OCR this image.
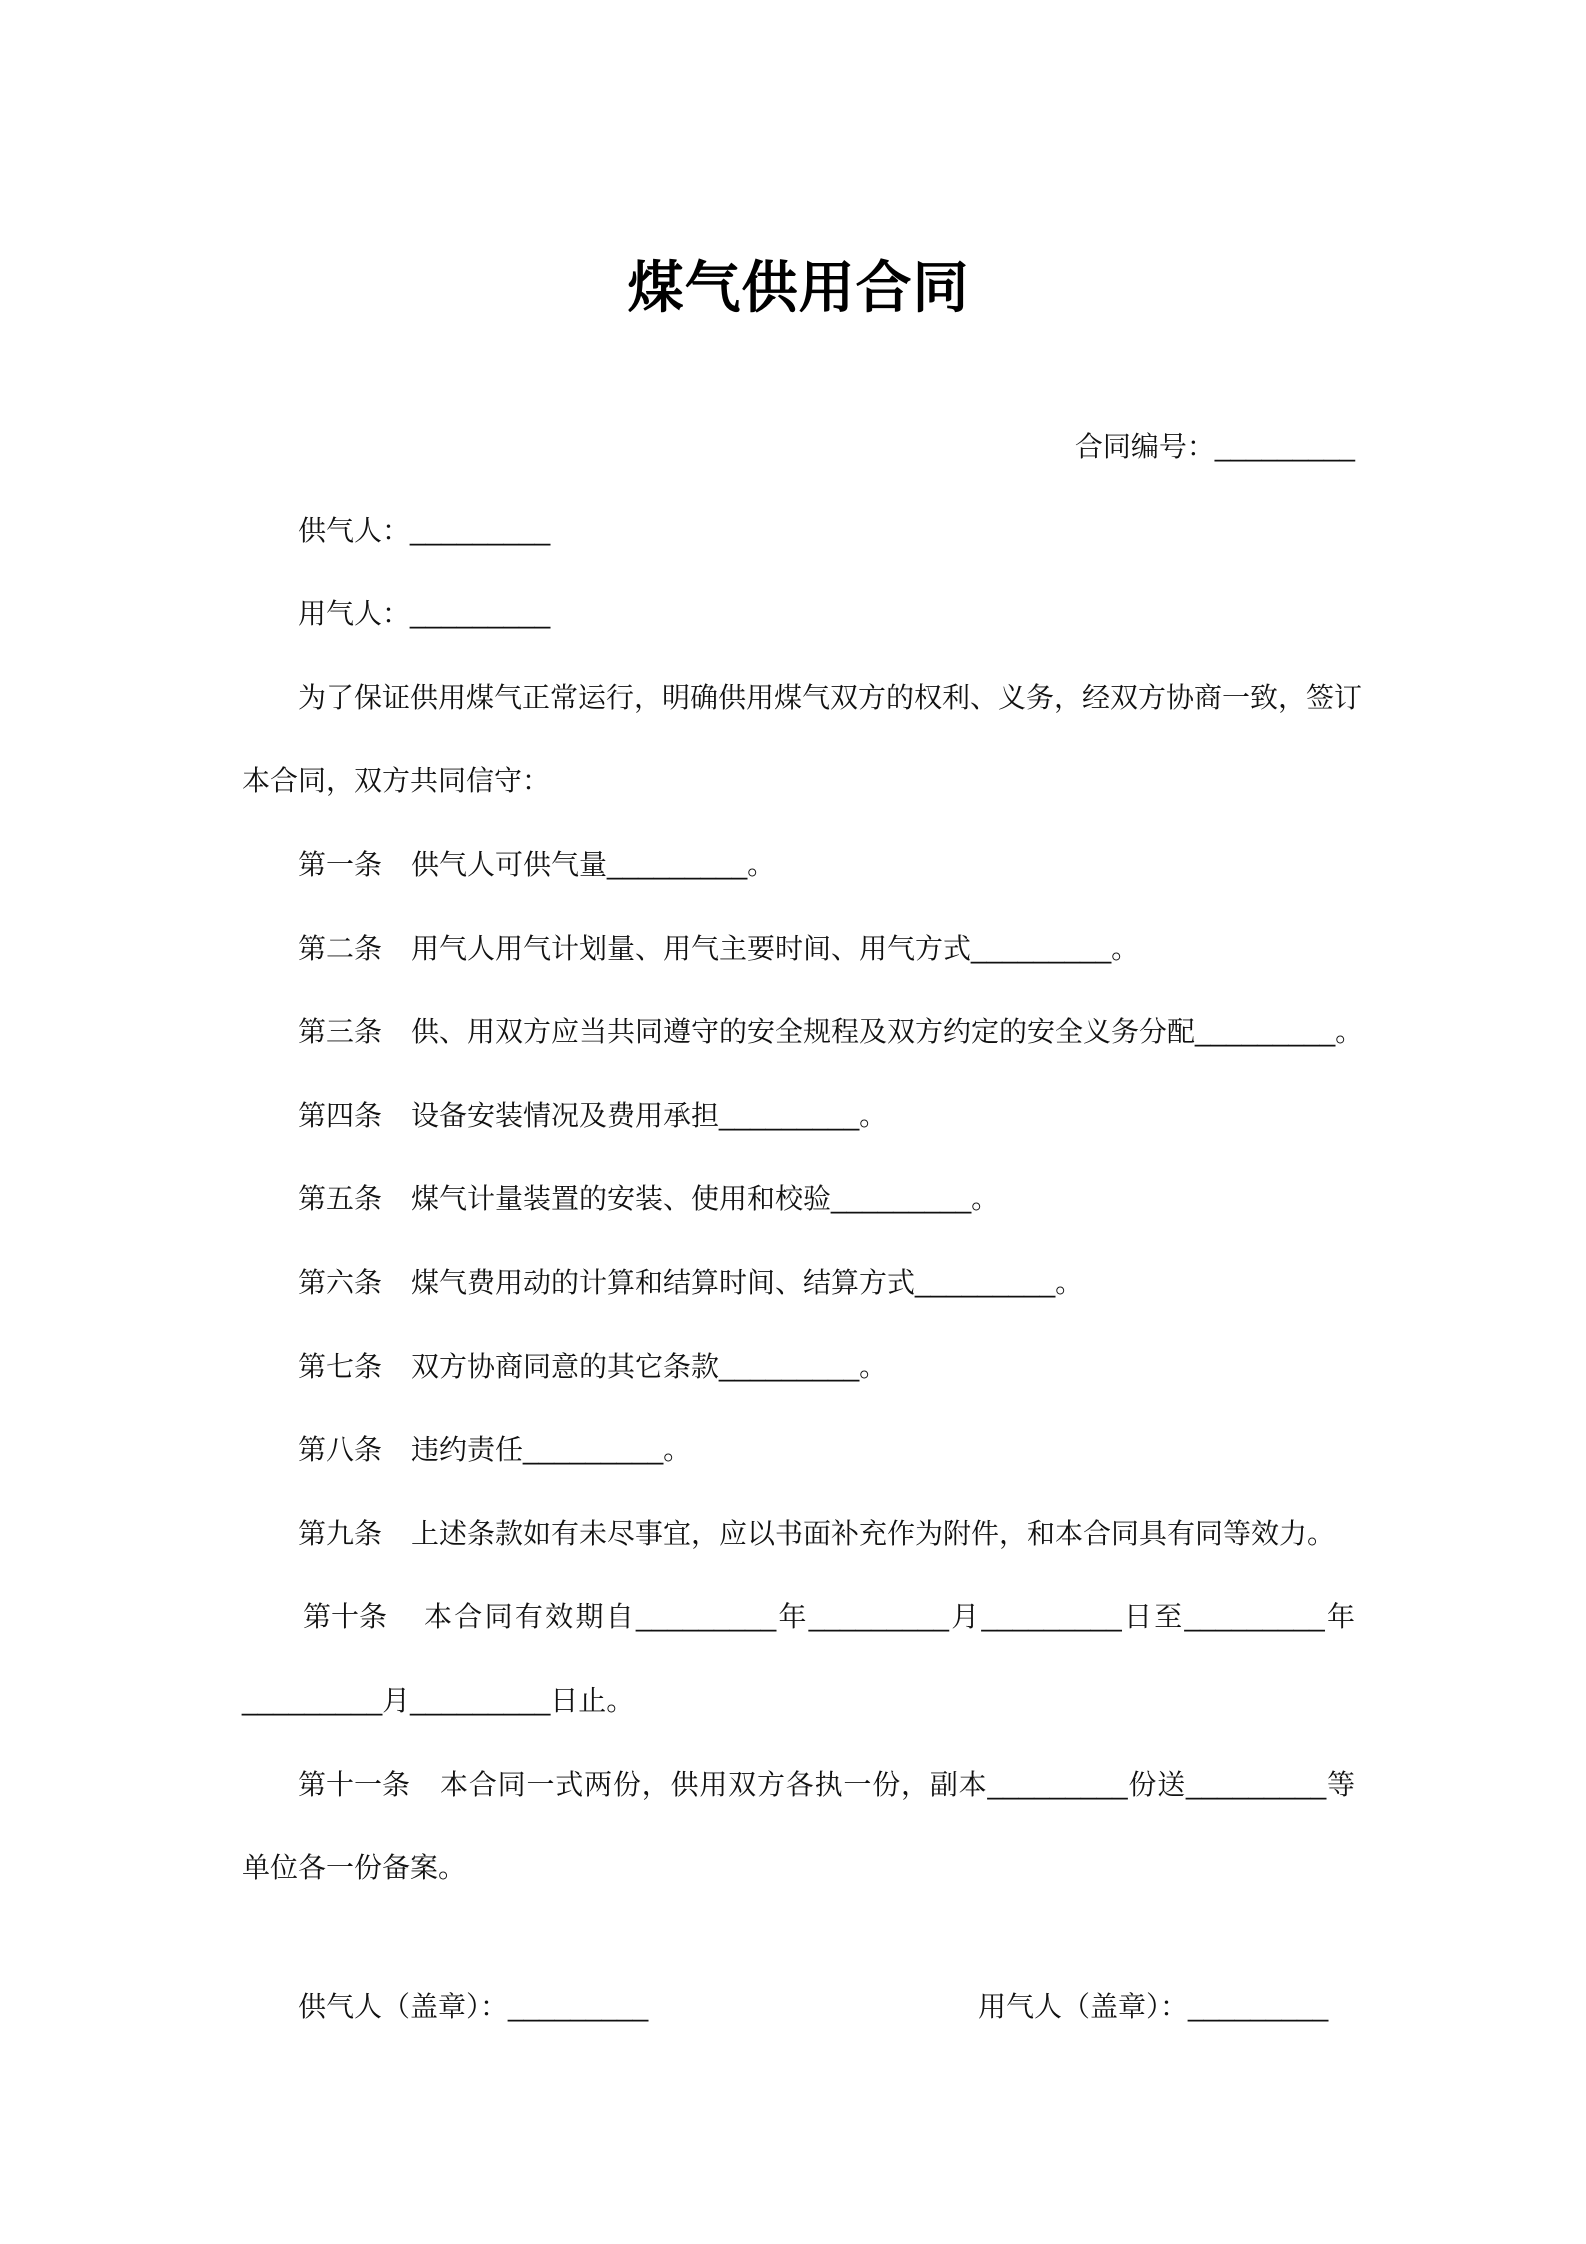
煤气供用合同
合同编号：_________
供气人：_________
用气人：_________
为了保证供用煤气正常运行，明确供用煤气双方的权利、义务，经双方协商一致，签订
本合同，双方共同信守：
第一条	供气人可供气量_________。
第二条	用气人用气计划量、用气主要时间、用气方式_________。
第三条	供、用双方应当共同遵守的安全规程及双方约定的安全义务分配_________。
第四条	设备安装情况及费用承担_________。
第五条	煤气计量装置的安装、使用和校验_________。
第六条	煤气费用动的计算和结算时间、结算方式_________。
第七条	双方协商同意的其它条款_________。
第八条	违约责任_________。
第九条	上述条款如有未尽事宜，应以书面补充作为附件，和本合同具有同等效力。
第十条	本合同有效期自_________年_________月_________日至_________年
_________月_________日止。
第十一条	本合同一式两份，供用双方各执一份，副本_________份送_________等
单位各一份备案。
供气人（盖章）：_________	用气人（盖章）：_________
